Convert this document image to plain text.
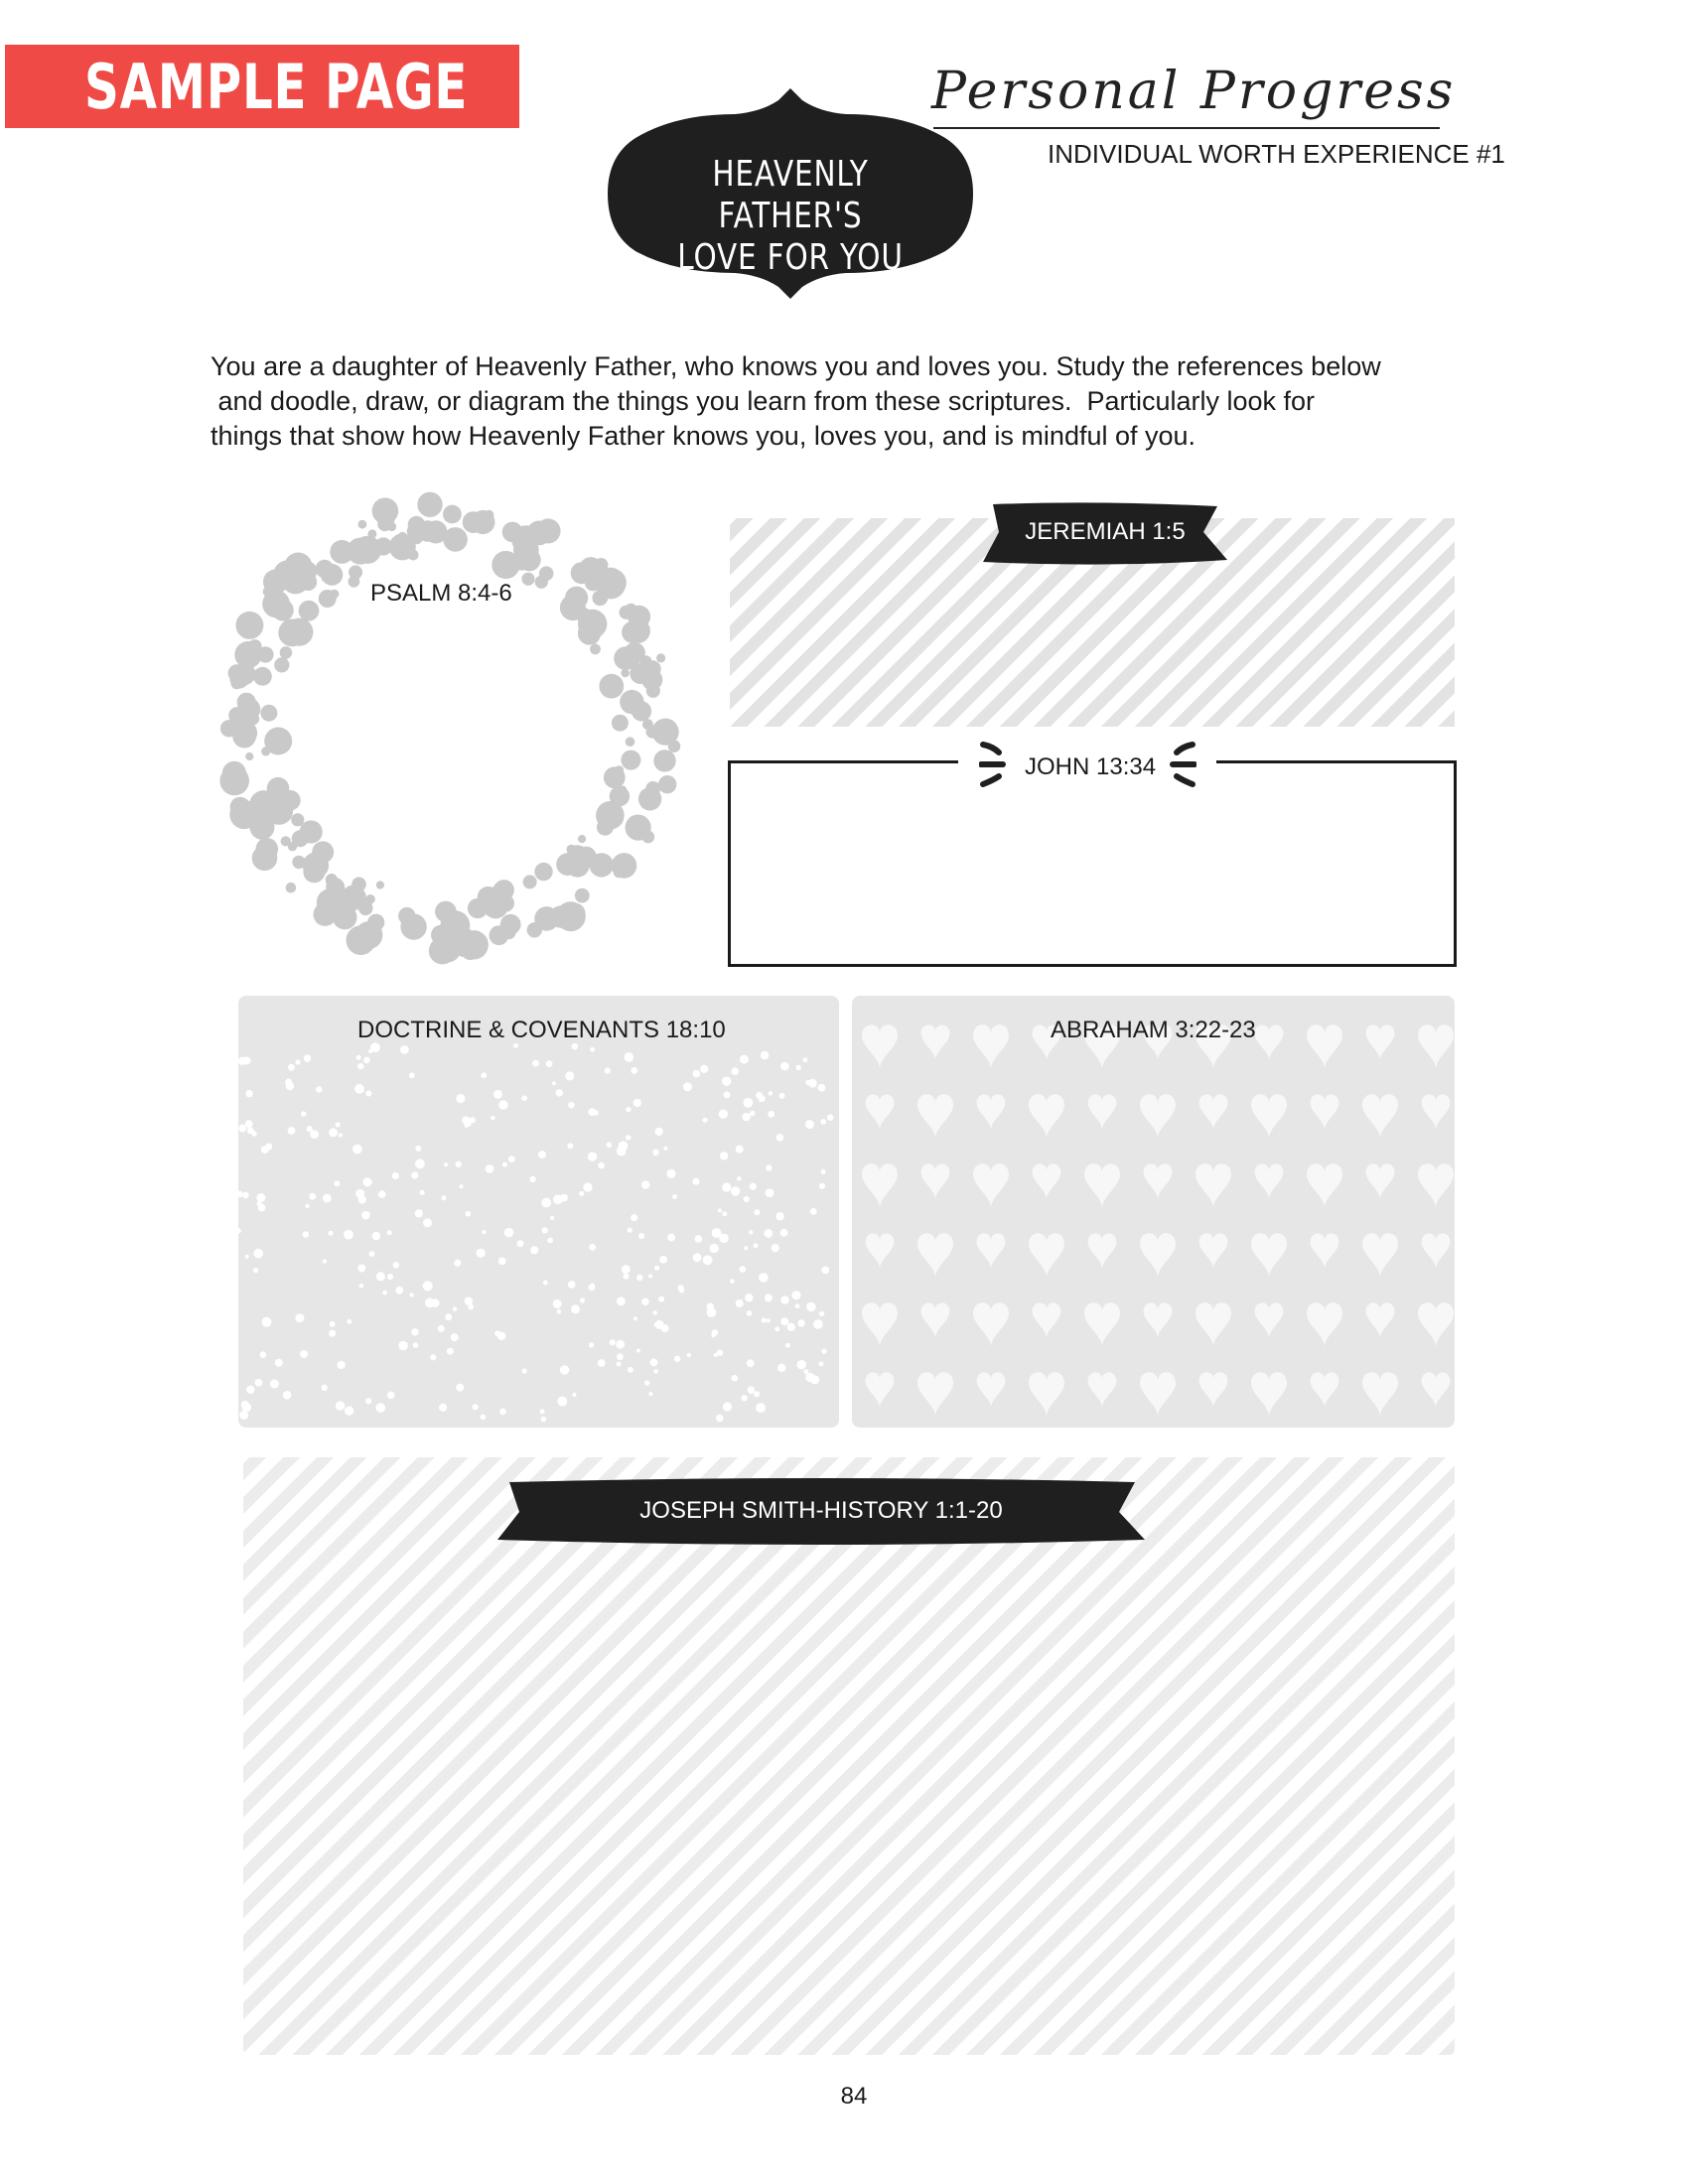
SAMPLE PAGE
HEAVENLY FATHER'S
LOVE FOR YOU
Personal Progress
INDIVIDUAL WORTH EXPERIENCE #1
You are a daughter of Heavenly Father, who knows you and loves you. Study the references below
and doodle, draw, or diagram the things you learn from these scriptures.  Particularly look for
things that show how Heavenly Father knows you, loves you, and is mindful of you.
PSALM 8:4-6
JEREMIAH 1:5
JOHN 13:34
DOCTRINE & COVENANTS 18:10	ABRAHAM 3:22-23
JOSEPH SMITH-HISTORY 1:1-20
84
